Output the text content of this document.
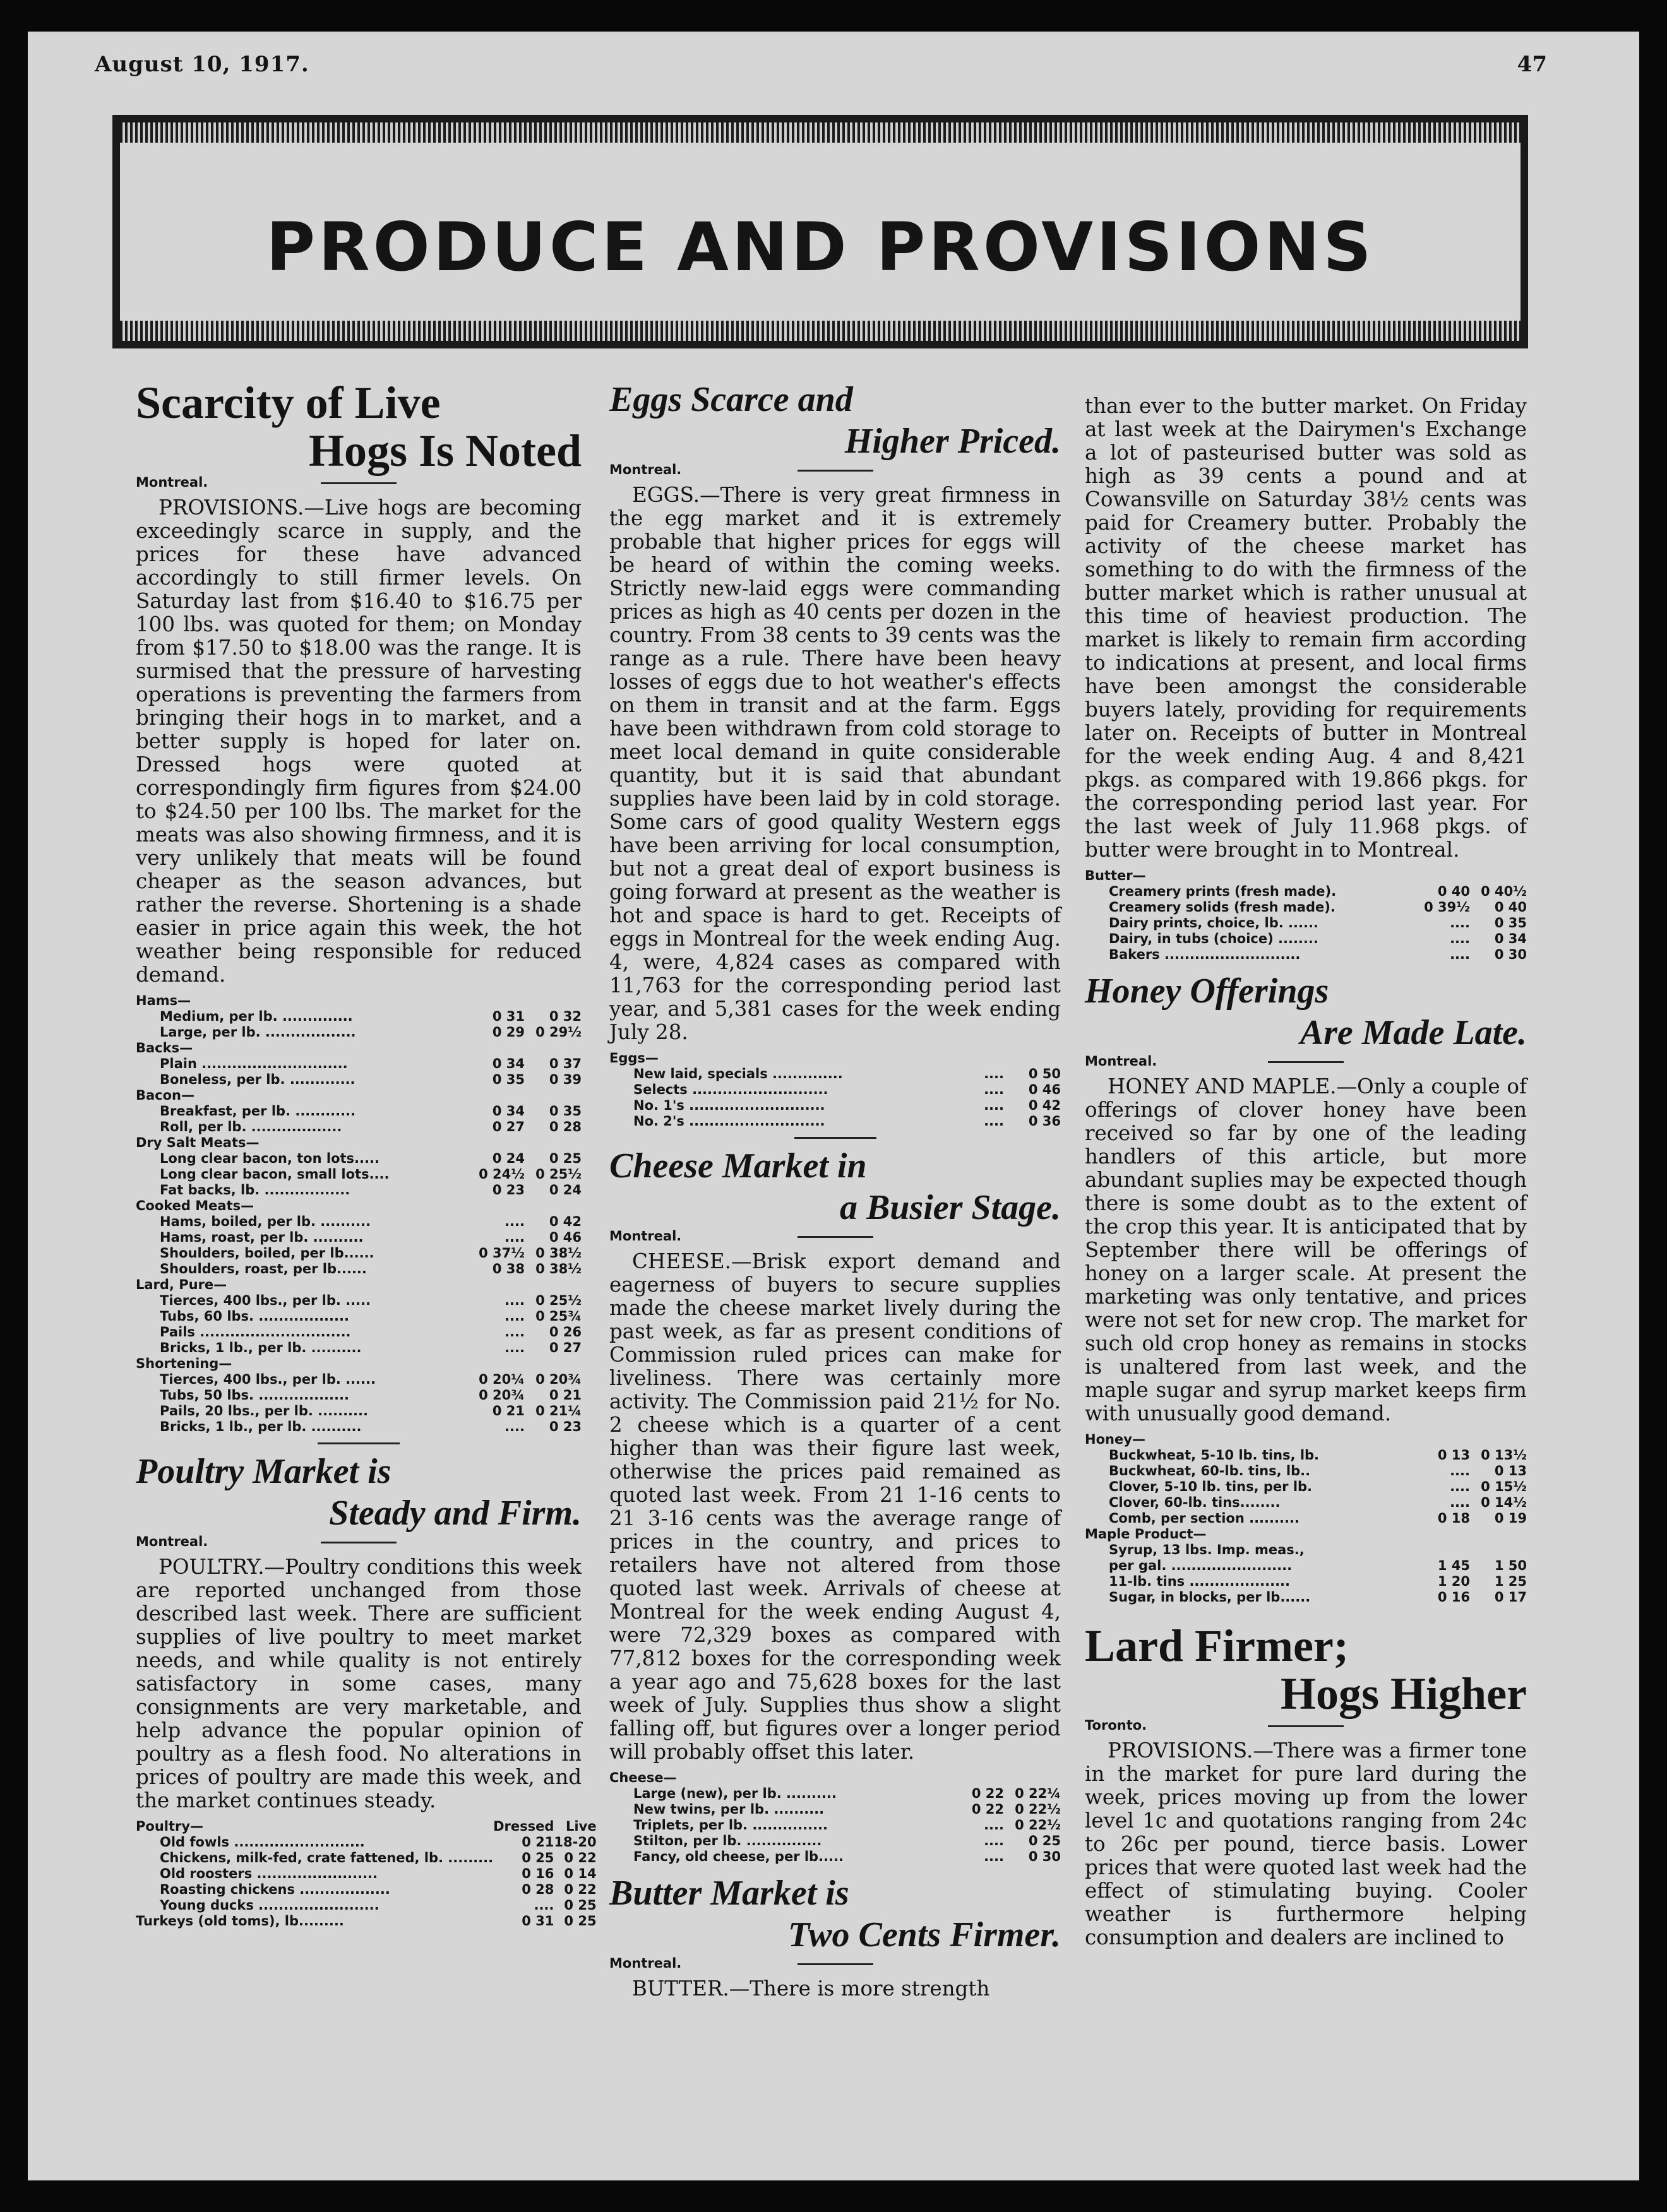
August 10, 1917.	47
PRODUCE AND PROVISIONS
Scarcity of Live
Hogs Is Noted
Montreal.

PROVISIONS.—Live hogs are becoming exceedingly scarce in supply, and the prices for these have advanced accordingly to still firmer levels. On Saturday last from $16.40 to $16.75 per 100 lbs. was quoted for them; on Monday from $17.50 to $18.00 was the range. It is surmised that the pressure of harvesting operations is preventing the farmers from bringing their hogs in to market, and a better supply is hoped for later on. Dressed hogs were quoted at correspondingly firm figures from $24.00 to $24.50 per 100 lbs. The market for the meats was also showing firmness, and it is very unlikely that meats will be found cheaper as the season advances, but rather the reverse. Shortening is a shade easier in price again this week, the hot weather being responsible for reduced demand.

Hams—		
Medium, per lb. ..............	0 31	0 32
Large, per lb. ..................	0 29	0 29½
Backs—		
Plain .............................	0 34	0 37
Boneless, per lb. .............	0 35	0 39
Bacon—		
Breakfast, per lb. ............	0 34	0 35
Roll, per lb. ..................	0 27	0 28
Dry Salt Meats—		
Long clear bacon, ton lots.....	0 24	0 25
Long clear bacon, small lots....	0 24½	0 25½
Fat backs, lb. .................	0 23	0 24
Cooked Meats—		
Hams, boiled, per lb. ..........	....	0 42
Hams, roast, per lb. ..........	....	0 46
Shoulders, boiled, per lb......	0 37½	0 38½
Shoulders, roast, per lb......	0 38	0 38½
Lard, Pure—		
Tierces, 400 lbs., per lb. .....	....	0 25½
Tubs, 60 lbs. ..................	....	0 25¾
Pails ..............................	....	0 26
Bricks, 1 lb., per lb. ..........	....	0 27
Shortening—		
Tierces, 400 lbs., per lb. ......	0 20¼	0 20¾
Tubs, 50 lbs. ..................	0 20¾	0 21
Pails, 20 lbs., per lb. ..........	0 21	0 21¼
Bricks, 1 lb., per lb. ..........	....	0 23
Poultry Market is
Steady and Firm.
Montreal.

POULTRY.—Poultry conditions this week are reported unchanged from those described last week. There are sufficient supplies of live poultry to meet market needs, and while quality is not entirely satisfactory in some cases, many consignments are very marketable, and help advance the popular opinion of poultry as a flesh food. No alterations in prices of poultry are made this week, and the market continues steady.

Poultry—	Dressed	Live
Old fowls ..........................	0 21	18-20
Chickens, milk-fed, crate fattened, lb. .........	0 25	0 22
Old roosters ........................	0 16	0 14
Roasting chickens ..................	0 28	0 22
Young ducks ........................	....	0 25
Turkeys (old toms), lb.........	0 31	0 25
Eggs Scarce and
Higher Priced.
Montreal.

EGGS.—There is very great firmness in the egg market and it is extremely probable that higher prices for eggs will be heard of within the coming weeks. Strictly new-laid eggs were commanding prices as high as 40 cents per dozen in the country. From 38 cents to 39 cents was the range as a rule. There have been heavy losses of eggs due to hot weather's effects on them in transit and at the farm. Eggs have been withdrawn from cold storage to meet local demand in quite considerable quantity, but it is said that abundant supplies have been laid by in cold storage. Some cars of good quality Western eggs have been arriving for local consumption, but not a great deal of export business is going forward at present as the weather is hot and space is hard to get. Receipts of eggs in Montreal for the week ending Aug. 4, were, 4,824 cases as compared with 11,763 for the corresponding period last year, and 5,381 cases for the week ending July 28.

Eggs—		
New laid, specials ..............	....	0 50
Selects ...........................	....	0 46
No. 1's ...........................	....	0 42
No. 2's ...........................	....	0 36
Cheese Market in
a Busier Stage.
Montreal.

CHEESE.—Brisk export demand and eagerness of buyers to secure supplies made the cheese market lively during the past week, as far as present conditions of Commission ruled prices can make for liveliness. There was certainly more activity. The Commission paid 21½ for No. 2 cheese which is a quarter of a cent higher than was their figure last week, otherwise the prices paid remained as quoted last week. From 21 1-16 cents to 21 3-16 cents was the average range of prices in the country, and prices to retailers have not altered from those quoted last week. Arrivals of cheese at Montreal for the week ending August 4, were 72,329 boxes as compared with 77,812 boxes for the corresponding week a year ago and 75,628 boxes for the last week of July. Supplies thus show a slight falling off, but figures over a longer period will probably offset this later.

Cheese—		
Large (new), per lb. ..........	0 22	0 22¼
New twins, per lb. ..........	0 22	0 22½
Triplets, per lb. ...............	....	0 22½
Stilton, per lb. ...............	....	0 25
Fancy, old cheese, per lb.....	....	0 30
Butter Market is
Two Cents Firmer.
Montreal.

BUTTER.—There is more strength

than ever to the butter market. On Friday at last week at the Dairymen's Exchange a lot of pasteurised butter was sold as high as 39 cents a pound and at Cowansville on Saturday 38½ cents was paid for Creamery butter. Probably the activity of the cheese market has something to do with the firmness of the butter market which is rather unusual at this time of heaviest production. The market is likely to remain firm according to indications at present, and local firms have been amongst the considerable buyers lately, providing for requirements later on. Receipts of butter in Montreal for the week ending Aug. 4 and 8,421 pkgs. as compared with 19.866 pkgs. for the corresponding period last year. For the last week of July 11.968 pkgs. of butter were brought in to Montreal.

Butter—		
Creamery prints (fresh made).	0 40	0 40½
Creamery solids (fresh made).	0 39½	0 40
Dairy prints, choice, lb. ......	....	0 35
Dairy, in tubs (choice) ........	....	0 34
Bakers ...........................	....	0 30
Honey Offerings
Are Made Late.
Montreal.

HONEY AND MAPLE.—Only a couple of offerings of clover honey have been received so far by one of the leading handlers of this article, but more abundant suplies may be expected though there is some doubt as to the extent of the crop this year. It is anticipated that by September there will be offerings of honey on a larger scale. At present the marketing was only tentative, and prices were not set for new crop. The market for such old crop honey as remains in stocks is unaltered from last week, and the maple sugar and syrup market keeps firm with unusually good demand.

Honey—		
Buckwheat, 5-10 lb. tins, lb.	0 13	0 13½
Buckwheat, 60-lb. tins, lb..	....	0 13
Clover, 5-10 lb. tins, per lb.	....	0 15½
Clover, 60-lb. tins........	....	0 14½
Comb, per section ..........	0 18	0 19
Maple Product—		
Syrup, 13 lbs. Imp. meas.,		
per gal. ........................	1 45	1 50
11-lb. tins ....................	1 20	1 25
Sugar, in blocks, per lb......	0 16	0 17
Lard Firmer;
Hogs Higher
Toronto.

PROVISIONS.—There was a firmer tone in the market for pure lard during the week, prices moving up from the lower level 1c and quotations ranging from 24c to 26c per pound, tierce basis. Lower prices that were quoted last week had the effect of stimulating buying. Cooler weather is furthermore helping consumption and dealers are inclined to
